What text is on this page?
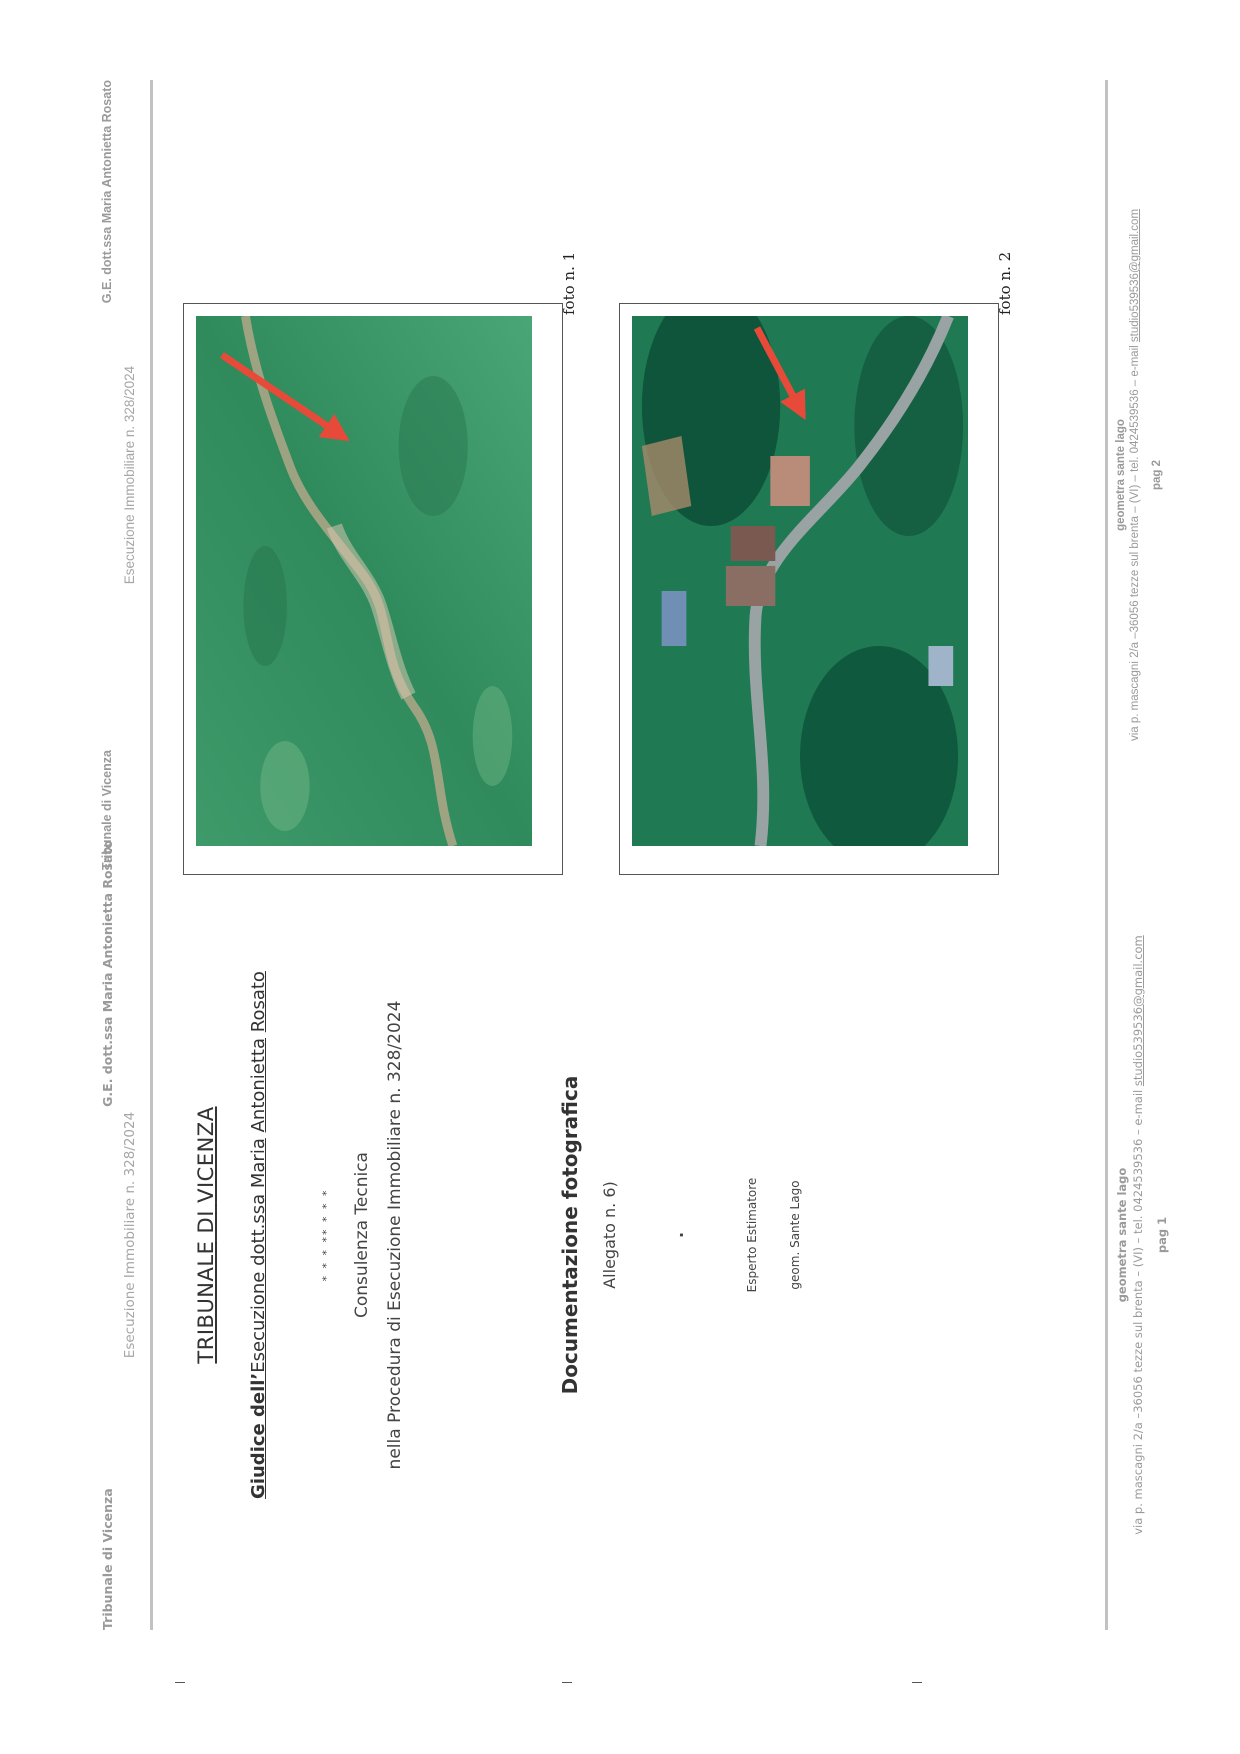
Tribunale di Vicenza
G.E. dott.ssa Maria Antonietta Rosato
Esecuzione Immobiliare n. 328/2024
foto n. 1	foto n. 2
geometra sante lago via p. mascagni 2/a –36056 tezze sul brenta – (VI) – tel. 0424539536 – e-mail studio539536@gmail.com
pag 2
Tribunale di Vicenza
G.E. dott.ssa Maria Antonietta Rosato
Esecuzione Immobiliare n. 328/2024	TRIBUNALE DI VICENZA
Giudice dell’Esecuzione dott.ssa Maria Antonietta Rosato
* * * ** * * * Consulenza Tecnica nella Procedura di Esecuzione Immobiliare n. 328/2024	Documentazione fotografica Allegato n. 6)	.	Esperto Estimatore geom. Sante Lago	geometra sante lago via p. mascagni 2/a –36056 tezze sul brenta – (VI) – tel. 0424539536 – e-mail studio539536@gmail.com
pag 1
